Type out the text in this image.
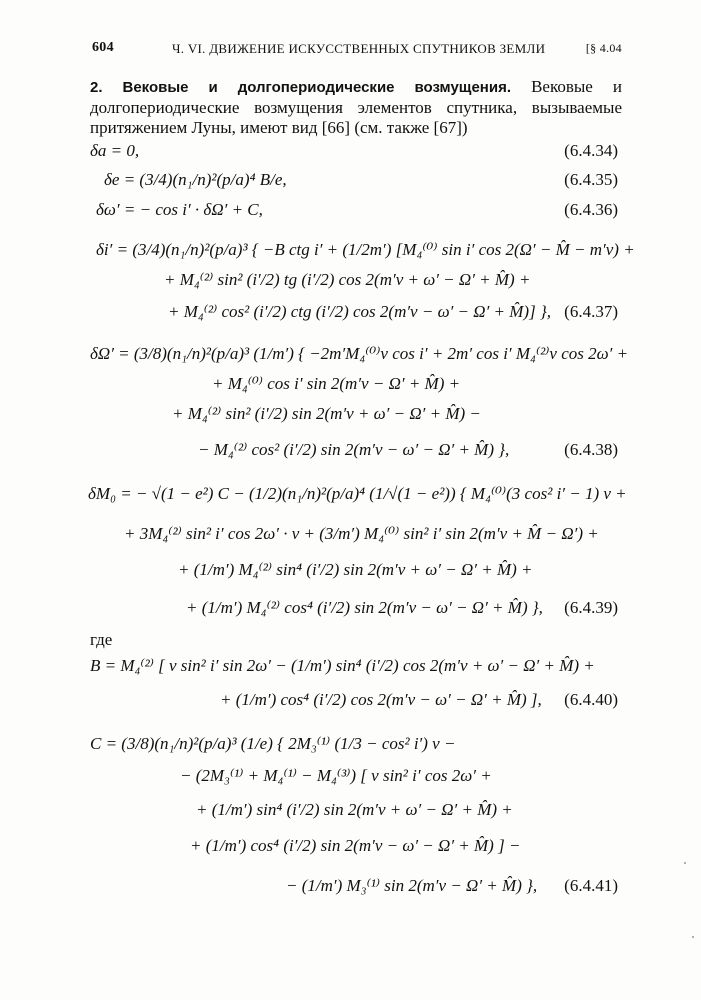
604	Ч. VI. ДВИЖЕНИЕ ИСКУССТВЕННЫХ СПУТНИКОВ ЗЕМЛИ	[§ 4.04
2. Вековые и долгопериодические возмущения. Вековые и долгопериодические возмущения элементов спутника, вызываемые притяжением Луны, имеют вид [66] (см. также [67])
δa = 0,	(6.4.34)
δe = (3/4)(n₁/n)²(p/a)⁴ B/e,	(6.4.35)
δω′ = − cos i′ · δΩ′ + C,	(6.4.36)
δi′ = (3/4)(n₁/n)²(p/a)³ { −B ctg i′ + (1/2m′) [M₄⁽⁰⁾ sin i′ cos 2(Ω′ − M̂ − m′v) +
+ M₄⁽²⁾ sin² (i′/2) tg (i′/2) cos 2(m′v + ω′ − Ω′ + M̂) +
+ M₄⁽²⁾ cos² (i′/2) ctg (i′/2) cos 2(m′v − ω′ − Ω′ + M̂)] }, (6.4.37)
δΩ′ = (3/8)(n₁/n)²(p/a)³ (1/m′) { −2m′M₄⁽⁰⁾v cos i′ + 2m′ cos i′ M₄⁽²⁾v cos 2ω′ +
+ M₄⁽⁰⁾ cos i′ sin 2(m′v − Ω′ + M̂) +
+ M₄⁽²⁾ sin² (i′/2) sin 2(m′v + ω′ − Ω′ + M̂) −
− M₄⁽²⁾ cos² (i′/2) sin 2(m′v − ω′ − Ω′ + M̂) },	(6.4.38)
δM₀ = − √(1 − e²) C − (1/2)(n₁/n)²(p/a)⁴ (1/√(1 − e²)) { M₄⁽⁰⁾(3 cos² i′ − 1) v +
+ 3M₄⁽²⁾ sin² i′ cos 2ω′ · v + (3/m′) M₄⁽⁰⁾ sin² i′ sin 2(m′v + M̂ − Ω′) +
+ (1/m′) M₄⁽²⁾ sin⁴ (i′/2) sin 2(m′v + ω′ − Ω′ + M̂) +
+ (1/m′) M₄⁽²⁾ cos⁴ (i′/2) sin 2(m′v − ω′ − Ω′ + M̂) }, (6.4.39)
где
B = M₄⁽²⁾ [ v sin² i′ sin 2ω′ − (1/m′) sin⁴ (i′/2) cos 2(m′v + ω′ − Ω′ + M̂) +
+ (1/m′) cos⁴ (i′/2) cos 2(m′v − ω′ − Ω′ + M̂) ], (6.4.40)
C = (3/8)(n₁/n)²(p/a)³ (1/e) { 2M₃⁽¹⁾ (1/3 − cos² i′) v −
− (2M₃⁽¹⁾ + M₄⁽¹⁾ − M₄⁽³⁾) [ v sin² i′ cos 2ω′ +
+ (1/m′) sin⁴ (i′/2) sin 2(m′v + ω′ − Ω′ + M̂) +
+ (1/m′) cos⁴ (i′/2) sin 2(m′v − ω′ − Ω′ + M̂) ] −
− (1/m′) M₃⁽¹⁾ sin 2(m′v − Ω′ + M̂) }, (6.4.41)
